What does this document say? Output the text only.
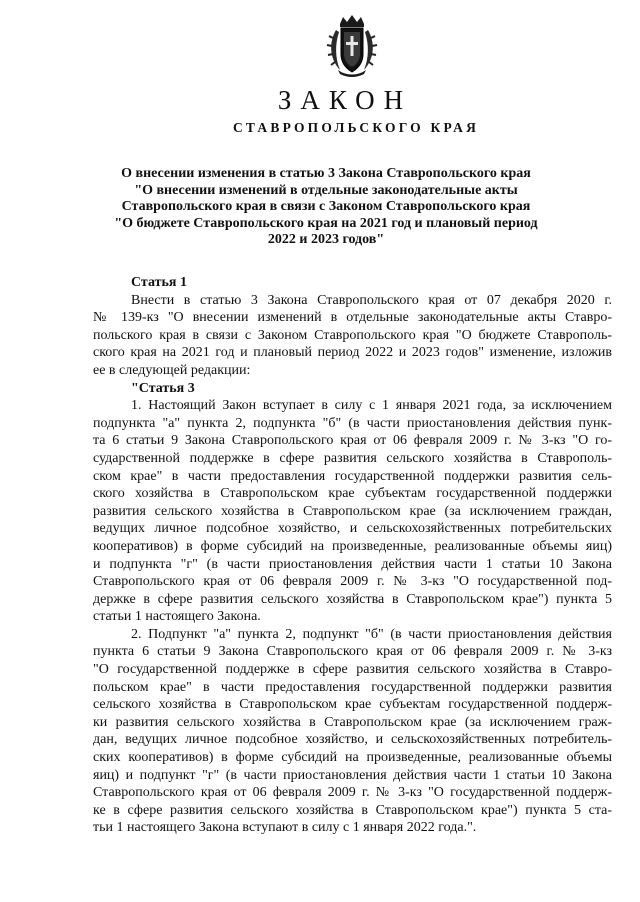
ЗАКОН
СТАВРОПОЛЬСКОГО КРАЯ
О внесении изменения в статью 3 Закона Ставропольского края
"О внесении изменений в отдельные законодательные акты
Ставропольского края в связи с Законом Ставропольского края
"О бюджете Ставропольского края на 2021 год и плановый период
2022 и 2023 годов"
Статья 1
Внести в статью 3 Закона Ставропольского края от 07 декабря 2020 г.
№ 139-кз "О внесении изменений в отдельные законодательные акты Ставро-
польского края в связи с Законом Ставропольского края "О бюджете Ставрополь-
ского края на 2021 год и плановый период 2022 и 2023 годов" изменение, изложив
ее в следующей редакции:
"Статья 3
1. Настоящий Закон вступает в силу с 1 января 2021 года, за исключением
подпункта "а" пункта 2, подпункта "б" (в части приостановления действия пунк-
та 6 статьи 9 Закона Ставропольского края от 06 февраля 2009 г. № 3-кз "О го-
сударственной поддержке в сфере развития сельского хозяйства в Ставрополь-
ском крае" в части предоставления государственной поддержки развития сель-
ского хозяйства в Ставропольском крае субъектам государственной поддержки
развития сельского хозяйства в Ставропольском крае (за исключением граждан,
ведущих личное подсобное хозяйство, и сельскохозяйственных потребительских
кооперативов) в форме субсидий на произведенные, реализованные объемы яиц)
и подпункта "г" (в части приостановления действия части 1 статьи 10 Закона
Ставропольского края от 06 февраля 2009 г. № 3-кз "О государственной под-
держке в сфере развития сельского хозяйства в Ставропольском крае") пункта 5
статьи 1 настоящего Закона.
2. Подпункт "а" пункта 2, подпункт "б" (в части приостановления действия
пункта 6 статьи 9 Закона Ставропольского края от 06 февраля 2009 г. № 3-кз
"О государственной поддержке в сфере развития сельского хозяйства в Ставро-
польском крае" в части предоставления государственной поддержки развития
сельского хозяйства в Ставропольском крае субъектам государственной поддерж-
ки развития сельского хозяйства в Ставропольском крае (за исключением граж-
дан, ведущих личное подсобное хозяйство, и сельскохозяйственных потребитель-
ских кооперативов) в форме субсидий на произведенные, реализованные объемы
яиц) и подпункт "г" (в части приостановления действия части 1 статьи 10 Закона
Ставропольского края от 06 февраля 2009 г. № 3-кз "О государственной поддерж-
ке в сфере развития сельского хозяйства в Ставропольском крае") пункта 5 ста-
тьи 1 настоящего Закона вступают в силу с 1 января 2022 года.".
